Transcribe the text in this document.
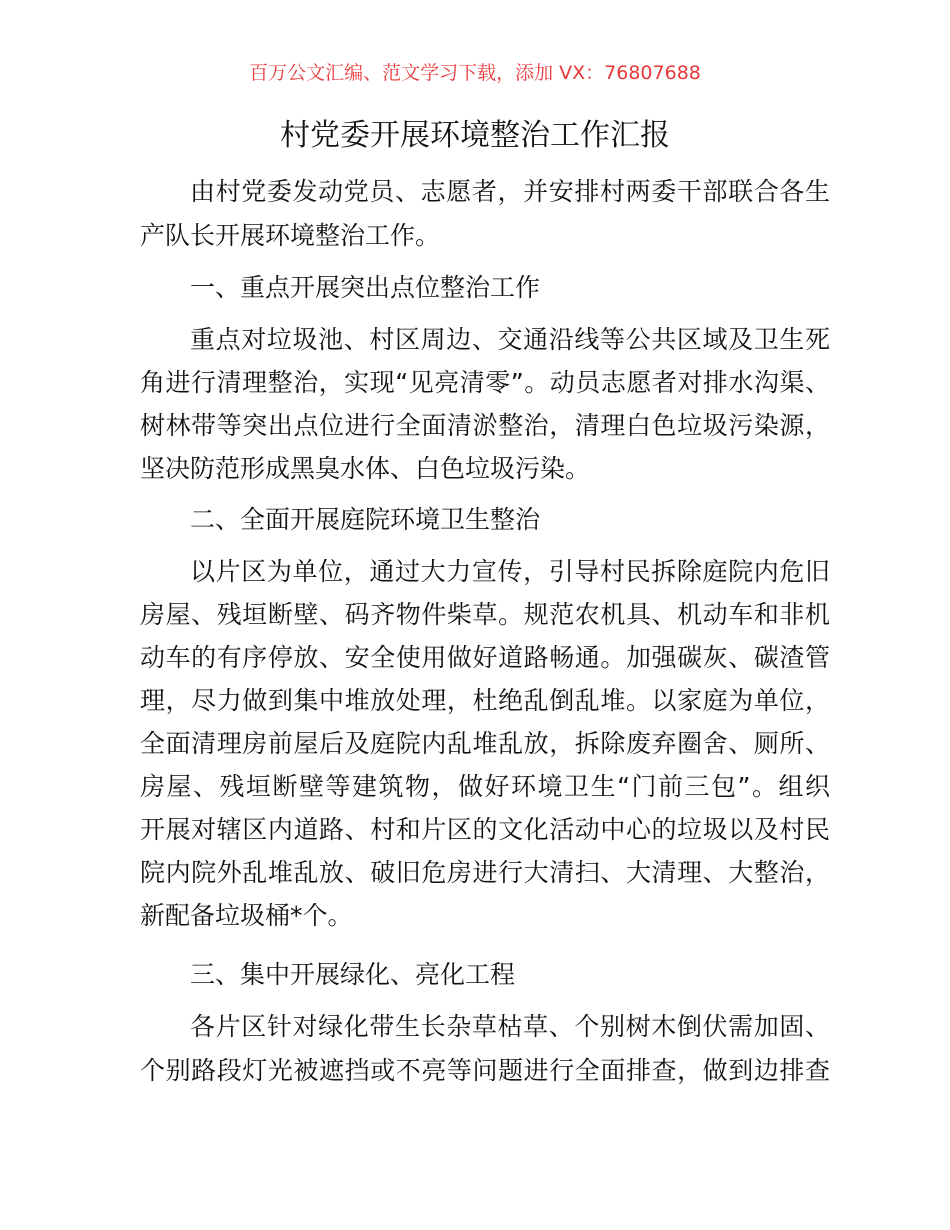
百万公文汇编、范文学习下载，添加 VX：76807688
村党委开展环境整治工作汇报
由村党委发动党员、志愿者，并安排村两委干部联合各生
产队长开展环境整治工作。
一、重点开展突出点位整治工作
重点对垃圾池、村区周边、交通沿线等公共区域及卫生死
角进行清理整治，实现“见亮清零”。动员志愿者对排水沟渠、
树林带等突出点位进行全面清淤整治，清理白色垃圾污染源，
坚决防范形成黑臭水体、白色垃圾污染。
二、全面开展庭院环境卫生整治
以片区为单位，通过大力宣传，引导村民拆除庭院内危旧
房屋、残垣断壁、码齐物件柴草。规范农机具、机动车和非机
动车的有序停放、安全使用做好道路畅通。加强碳灰、碳渣管
理，尽力做到集中堆放处理，杜绝乱倒乱堆。以家庭为单位，
全面清理房前屋后及庭院内乱堆乱放，拆除废弃圈舍、厕所、
房屋、残垣断壁等建筑物，做好环境卫生“门前三包”。组织
开展对辖区内道路、村和片区的文化活动中心的垃圾以及村民
院内院外乱堆乱放、破旧危房进行大清扫、大清理、大整治，
新配备垃圾桶*个。
三、集中开展绿化、亮化工程
各片区针对绿化带生长杂草枯草、个别树木倒伏需加固、
个别路段灯光被遮挡或不亮等问题进行全面排查，做到边排查
